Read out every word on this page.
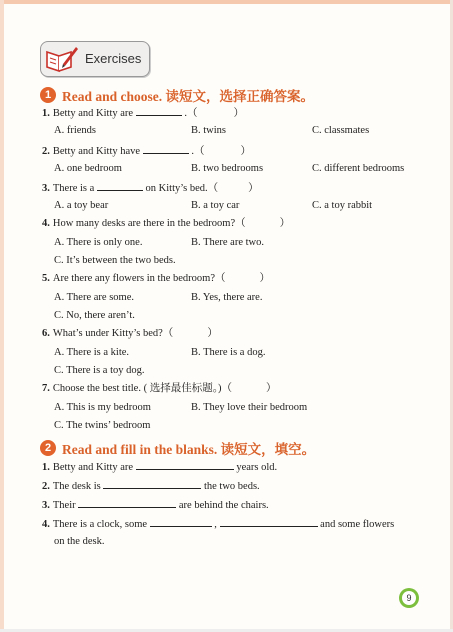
Exercises
1 Read and choose. 读短文，选择正确答案。
1. Betty and Kitty are	.（	）
A. friends	B. twins	C. classmates
2. Betty and Kitty have	.（	）
A. one bedroom	B. two bedrooms	C. different bedrooms
3. There is a	on Kitty’s bed.（	）
A. a toy bear	B. a toy car	C. a toy rabbit
4. How many desks are there in the bedroom?（	）
A. There is only one.	B. There are two.
C. It’s between the two beds.
5. Are there any flowers in the bedroom?（	）
A. There are some.	B. Yes, there are.
C. No, there aren’t.
6. What’s under Kitty’s bed?（	）
A. There is a kite.	B. There is a dog.
C. There is a toy dog.
7. Choose the best title. ( 选择最佳标题。)（	）
A. This is my bedroom	B. They love their bedroom
C. The twins’ bedroom
2 Read and fill in the blanks. 读短文，填空。
1. Betty and Kitty are	years old.
2. The desk is	the two beds.
3. Their	are behind the chairs.
4. There is a clock, some	,	and some flowers
on the desk.
9
